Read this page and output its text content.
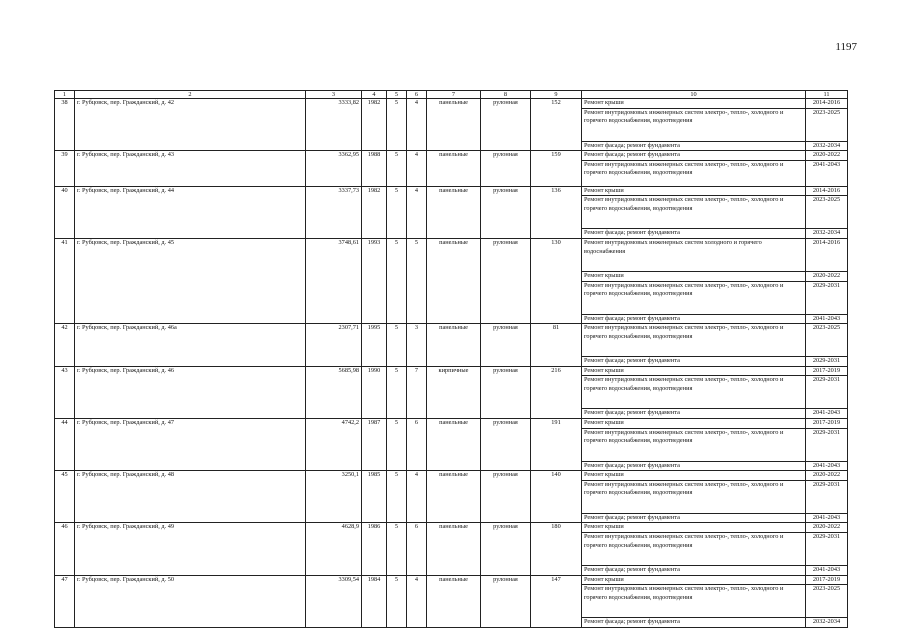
1197
1	2	3	4	5	6	7	8	9	10	11
38	г. Рубцовск, пер. Гражданский, д. 42	3333,82	1982	5	4	панельные	рулонная	152	Ремонт крыши	2014-2016
									Ремонт внутридомовых инженерных систем электро-, тепло-, холодного и горячего водоснабжения, водоотведения	2023-2025
									Ремонт фасада; ремонт фундамента	2032-2034
39	г. Рубцовск, пер. Гражданский, д. 43	3362,95	1988	5	4	панельные	рулонная	159	Ремонт фасада; ремонт фундамента	2020-2022
									Ремонт внутридомовых инженерных систем электро-, тепло-, холодного и горячего водоснабжения, водоотведения	2041-2043
40	г. Рубцовск, пер. Гражданский, д. 44	3337,73	1982	5	4	панельные	рулонная	136	Ремонт крыши	2014-2016
									Ремонт внутридомовых инженерных систем электро-, тепло-, холодного и горячего водоснабжения, водоотведения	2023-2025
									Ремонт фасада; ремонт фундамента	2032-2034
41	г. Рубцовск, пер. Гражданский, д. 45	3748,61	1993	5	5	панельные	рулонная	130	Ремонт внутридомовых инженерных систем холодного и горячего водоснабжения	2014-2016
									Ремонт крыши	2020-2022
									Ремонт внутридомовых инженерных систем электро-, тепло-, холодного и горячего водоснабжения, водоотведения	2029-2031
									Ремонт фасада; ремонт фундамента	2041-2043
42	г. Рубцовск, пер. Гражданский, д. 46а	2307,71	1995	5	3	панельные	рулонная	81	Ремонт внутридомовых инженерных систем электро-, тепло-, холодного и горячего водоснабжения, водоотведения	2023-2025
									Ремонт фасада; ремонт фундамента	2029-2031
43	г. Рубцовск, пер. Гражданский, д. 46	5685,98	1990	5	7	кирпичные	рулонная	216	Ремонт крыши	2017-2019
									Ремонт внутридомовых инженерных систем электро-, тепло-, холодного и горячего водоснабжения, водоотведения	2029-2031
									Ремонт фасада; ремонт фундамента	2041-2043
44	г. Рубцовск, пер. Гражданский, д. 47	4742,2	1987	5	6	панельные	рулонная	191	Ремонт крыши	2017-2019
									Ремонт внутридомовых инженерных систем электро-, тепло-, холодного и горячего водоснабжения, водоотведения	2029-2031
									Ремонт фасада; ремонт фундамента	2041-2043
45	г. Рубцовск, пер. Гражданский, д. 48	3250,1	1985	5	4	панельные	рулонная	140	Ремонт крыши	2020-2022
									Ремонт внутридомовых инженерных систем электро-, тепло-, холодного и горячего водоснабжения, водоотведения	2029-2031
									Ремонт фасада; ремонт фундамента	2041-2043
46	г. Рубцовск, пер. Гражданский, д. 49	4628,9	1986	5	6	панельные	рулонная	180	Ремонт крыши	2020-2022
									Ремонт внутридомовых инженерных систем электро-, тепло-, холодного и горячего водоснабжения, водоотведения	2029-2031
									Ремонт фасада; ремонт фундамента	2041-2043
47	г. Рубцовск, пер. Гражданский, д. 50	3309,54	1984	5	4	панельные	рулонная	147	Ремонт крыши	2017-2019
									Ремонт внутридомовых инженерных систем электро-, тепло-, холодного и горячего водоснабжения, водоотведения	2023-2025
									Ремонт фасада; ремонт фундамента	2032-2034
